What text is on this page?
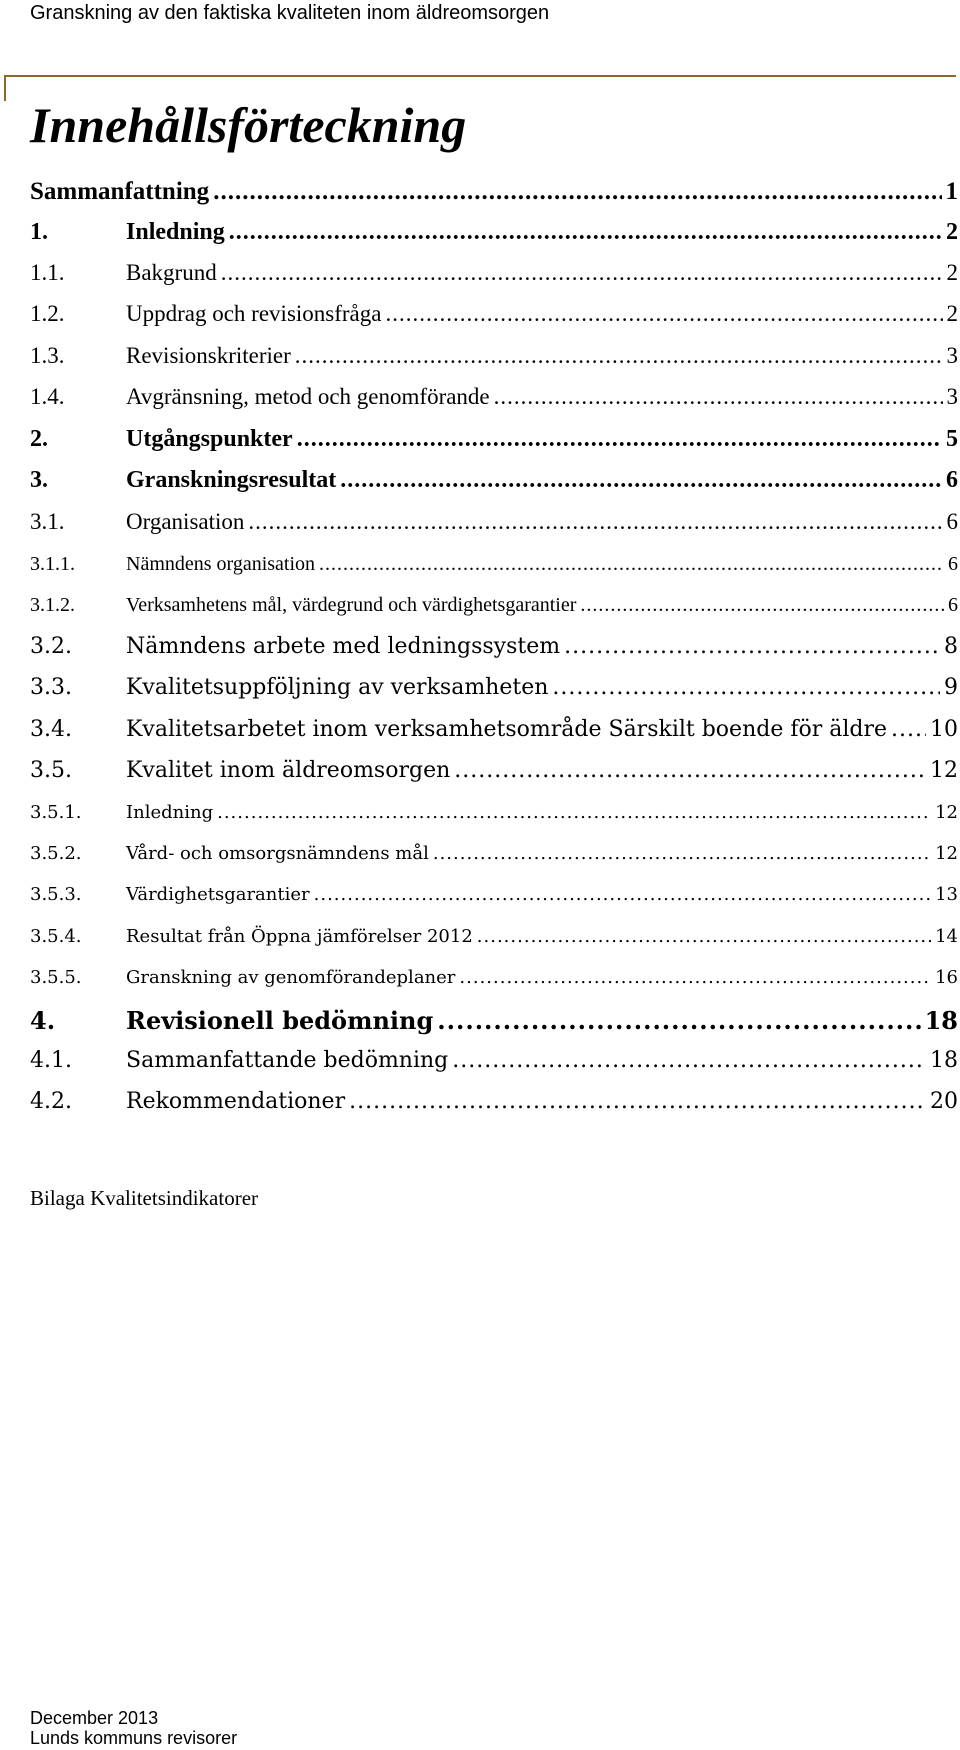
Granskning av den faktiska kvaliteten inom äldreomsorgen
Innehållsförteckning
Sammanfattning .....	1
1.	Inledning .....	2
1.1.	Bakgrund .....	2
1.2.	Uppdrag och revisionsfråga .....	2
1.3.	Revisionskriterier .....	3
1.4.	Avgränsning, metod och genomförande .....	3
2.	Utgångspunkter .....	5
3.	Granskningsresultat .....	6
3.1.	Organisation .....	6
3.1.1.	Nämndens organisation .....	6
3.1.2.	Verksamhetens mål, värdegrund och värdighetsgarantier .....	6
3.2.	Nämndens arbete med ledningssystem .....	8
3.3.	Kvalitetsuppföljning av verksamheten .....	9
3.4.	Kvalitetsarbetet inom verksamhetsområde Särskilt boende för äldre ..... 10
3.5.	Kvalitet inom äldreomsorgen .....	12
3.5.1.	Inledning .....	12
3.5.2.	Vård- och omsorgsnämndens mål .....	12
3.5.3.	Värdighetsgarantier .....	13
3.5.4.	Resultat från Öppna jämförelser 2012 .....	14
3.5.5.	Granskning av genomförandeplaner .....	16
4.	Revisionell bedömning .....	18
4.1.	Sammanfattande bedömning .....	18
4.2.	Rekommendationer .....	20
Bilaga Kvalitetsindikatorer
December 2013
Lunds kommuns revisorer
